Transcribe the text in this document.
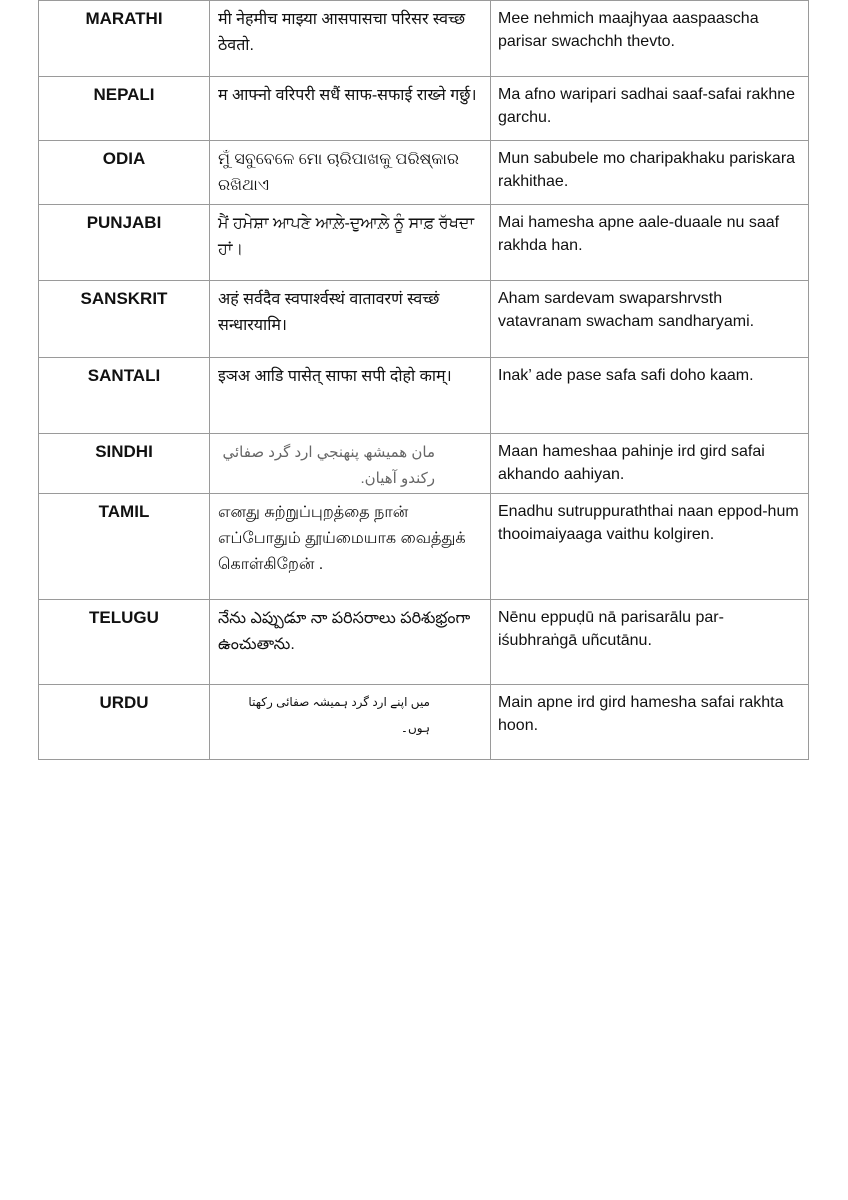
MARATHI	मी नेहमीच माझ्या आसपासचा परिसर स्वच्छ ठेवतो.	Mee nehmich maajhyaa aaspaascha parisar swachchh thevto.

NEPALI	म आफ्नो वरिपरी सधैं साफ-सफाई राख्ने गर्छु।	Ma afno waripari sadhai saaf-safai rakhne garchu.

ODIA	ମୁଁ ସବୁବେଳେ ମୋ ଚାରିପାଖକୁ ପରିଷ୍କାର ରଖିଥାଏ	Mun sabubele mo charipakhaku pariskara rakhithae.

PUNJABI	ਮੈਂ ਹਮੇਸ਼ਾ ਆਪਣੇ ਆਲ਼ੇ-ਦੁਆਲ਼ੇ ਨੂੰ ਸਾਫ਼ ਰੱਖਦਾ ਹਾਂ।	Mai hamesha apne aale-duaale nu saaf rakhda han.

SANSKRIT	अहं सर्वदैव स्वपार्श्वस्थं वातावरणं स्वच्छं सन्धारयामि।	Aham sardevam swaparshrvsth vatavranam swacham sandharyami.

SANTALI	इञअ आडि पासेत् साफा सपी दोहो काम्।	Inak’ ade pase safa safi doho kaam.

SINDHI	مان هميشھ پنهنجي ارد گرد صفائي رکندو آهيان.	Maan hameshaa pahinje ird gird safai akhando aahiyan.

TAMIL	எனது சுற்றுப்புறத்தை நான் எப்போதும் தூய்மையாக வைத்துக் கொள்கிறேன் .	Enadhu sutruppuraththai naan eppod-hum thooimaiyaaga vaithu kolgiren.

TELUGU	నేను ఎప్పుడూ నా పరిసరాలు పరిశుభ్రంగా ఉంచుతాను.	Nēnu eppuḍū nā parisarālu par-iśubhraṅgā uñcutānu.

URDU	میں اپنے ارد گرد ہمیشہ صفائی رکھتا ہوں۔	Main apne ird gird hamesha safai rakhta hoon.
